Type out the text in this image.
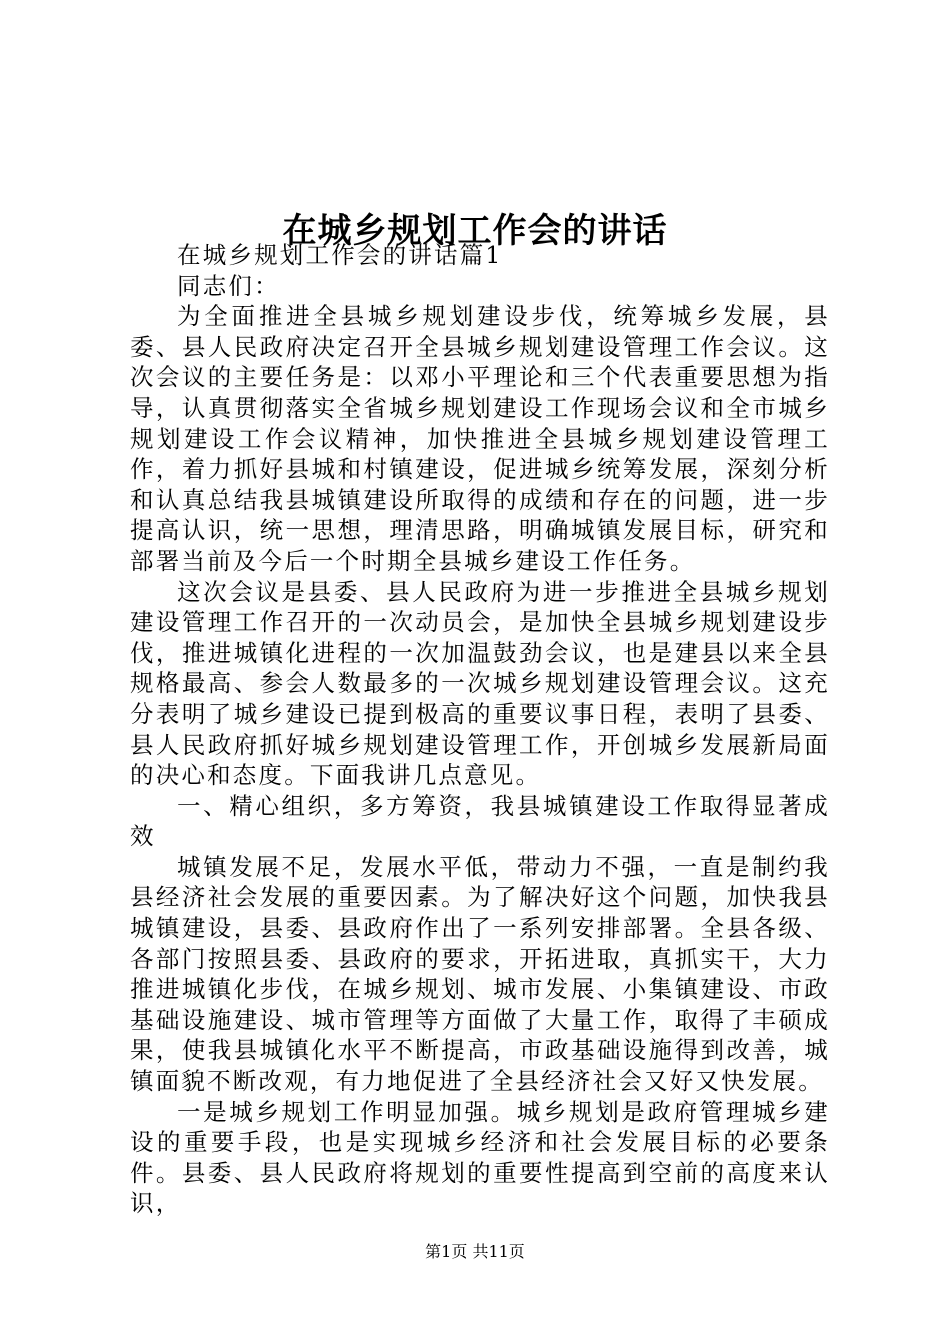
在城乡规划工作会的讲话

在城乡规划工作会的讲话篇1

同志们：

为全面推进全县城乡规划建设步伐，统筹城乡发展，县委、县人民政府决定召开全县城乡规划建设管理工作会议。这次会议的主要任务是：以邓小平理论和三个代表重要思想为指导，认真贯彻落实全省城乡规划建设工作现场会议和全市城乡规划建设工作会议精神，加快推进全县城乡规划建设管理工作，着力抓好县城和村镇建设，促进城乡统筹发展，深刻分析和认真总结我县城镇建设所取得的成绩和存在的问题，进一步提高认识，统一思想，理清思路，明确城镇发展目标，研究和部署当前及今后一个时期全县城乡建设工作任务。

这次会议是县委、县人民政府为进一步推进全县城乡规划建设管理工作召开的一次动员会，是加快全县城乡规划建设步伐，推进城镇化进程的一次加温鼓劲会议，也是建县以来全县规格最高、参会人数最多的一次城乡规划建设管理会议。这充分表明了城乡建设已提到极高的重要议事日程，表明了县委、县人民政府抓好城乡规划建设管理工作，开创城乡发展新局面的决心和态度。下面我讲几点意见。

一、精心组织，多方筹资，我县城镇建设工作取得显著成效

城镇发展不足，发展水平低，带动力不强，一直是制约我县经济社会发展的重要因素。为了解决好这个问题，加快我县城镇建设，县委、县政府作出了一系列安排部署。全县各级、各部门按照县委、县政府的要求，开拓进取，真抓实干，大力推进城镇化步伐，在城乡规划、城市发展、小集镇建设、市政基础设施建设、城市管理等方面做了大量工作，取得了丰硕成果，使我县城镇化水平不断提高，市政基础设施得到改善，城镇面貌不断改观，有力地促进了全县经济社会又好又快发展。

一是城乡规划工作明显加强。城乡规划是政府管理城乡建设的重要手段，也是实现城乡经济和社会发展目标的必要条件。县委、县人民政府将规划的重要性提高到空前的高度来认识，

第1页 共11页
